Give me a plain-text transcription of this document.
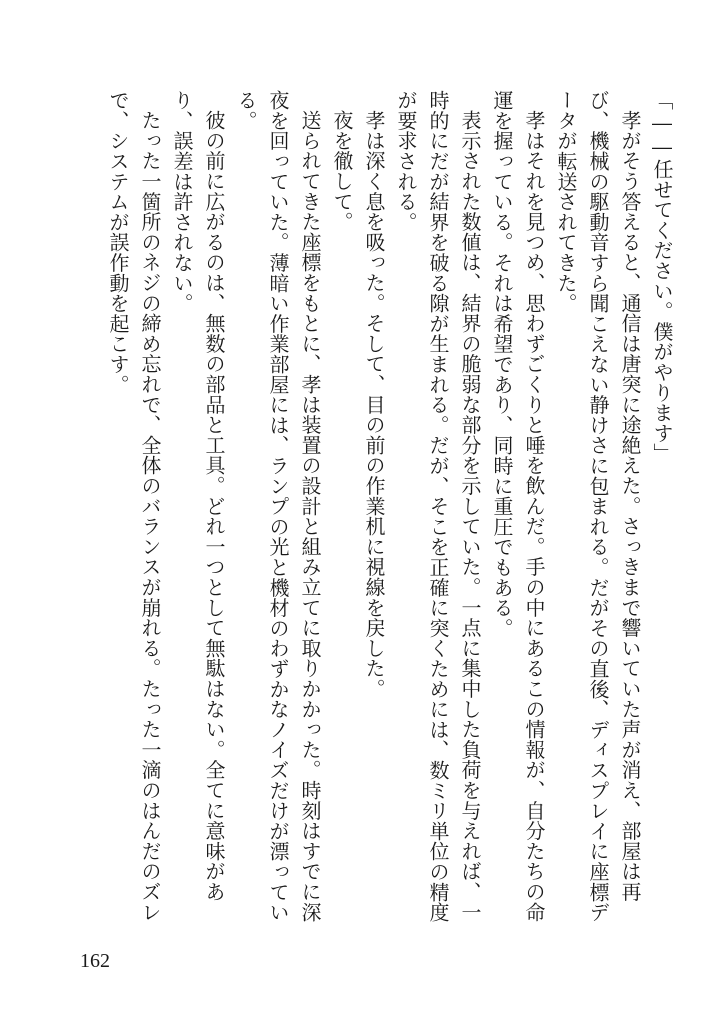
「――任せてください。僕がやります」

孝がそう答えると、通信は唐突に途絶えた。さっきまで響いていた声が消え、部屋は再び、機械の駆動音すら聞こえない静けさに包まれる。だがその直後、ディスプレイに座標データが転送されてきた。

孝はそれを見つめ、思わずごくりと唾を飲んだ。手の中にあるこの情報が、自分たちの命運を握っている。それは希望であり、同時に重圧でもある。

表示された数値は、結界の脆弱な部分を示していた。一点に集中した負荷を与えれば、一時的にだが結界を破る隙が生まれる。だが、そこを正確に突くためには、数ミリ単位の精度が要求される。

孝は深く息を吸った。そして、目の前の作業机に視線を戻した。

夜を徹して。

送られてきた座標をもとに、孝は装置の設計と組み立てに取りかかった。時刻はすでに深夜を回っていた。薄暗い作業部屋には、ランプの光と機材のわずかなノイズだけが漂っている。

彼の前に広がるのは、無数の部品と工具。どれ一つとして無駄はない。全てに意味があり、誤差は許されない。

たった一箇所のネジの締め忘れで、全体のバランスが崩れる。たった一滴のはんだのズレで、システムが誤作動を起こす。

162
